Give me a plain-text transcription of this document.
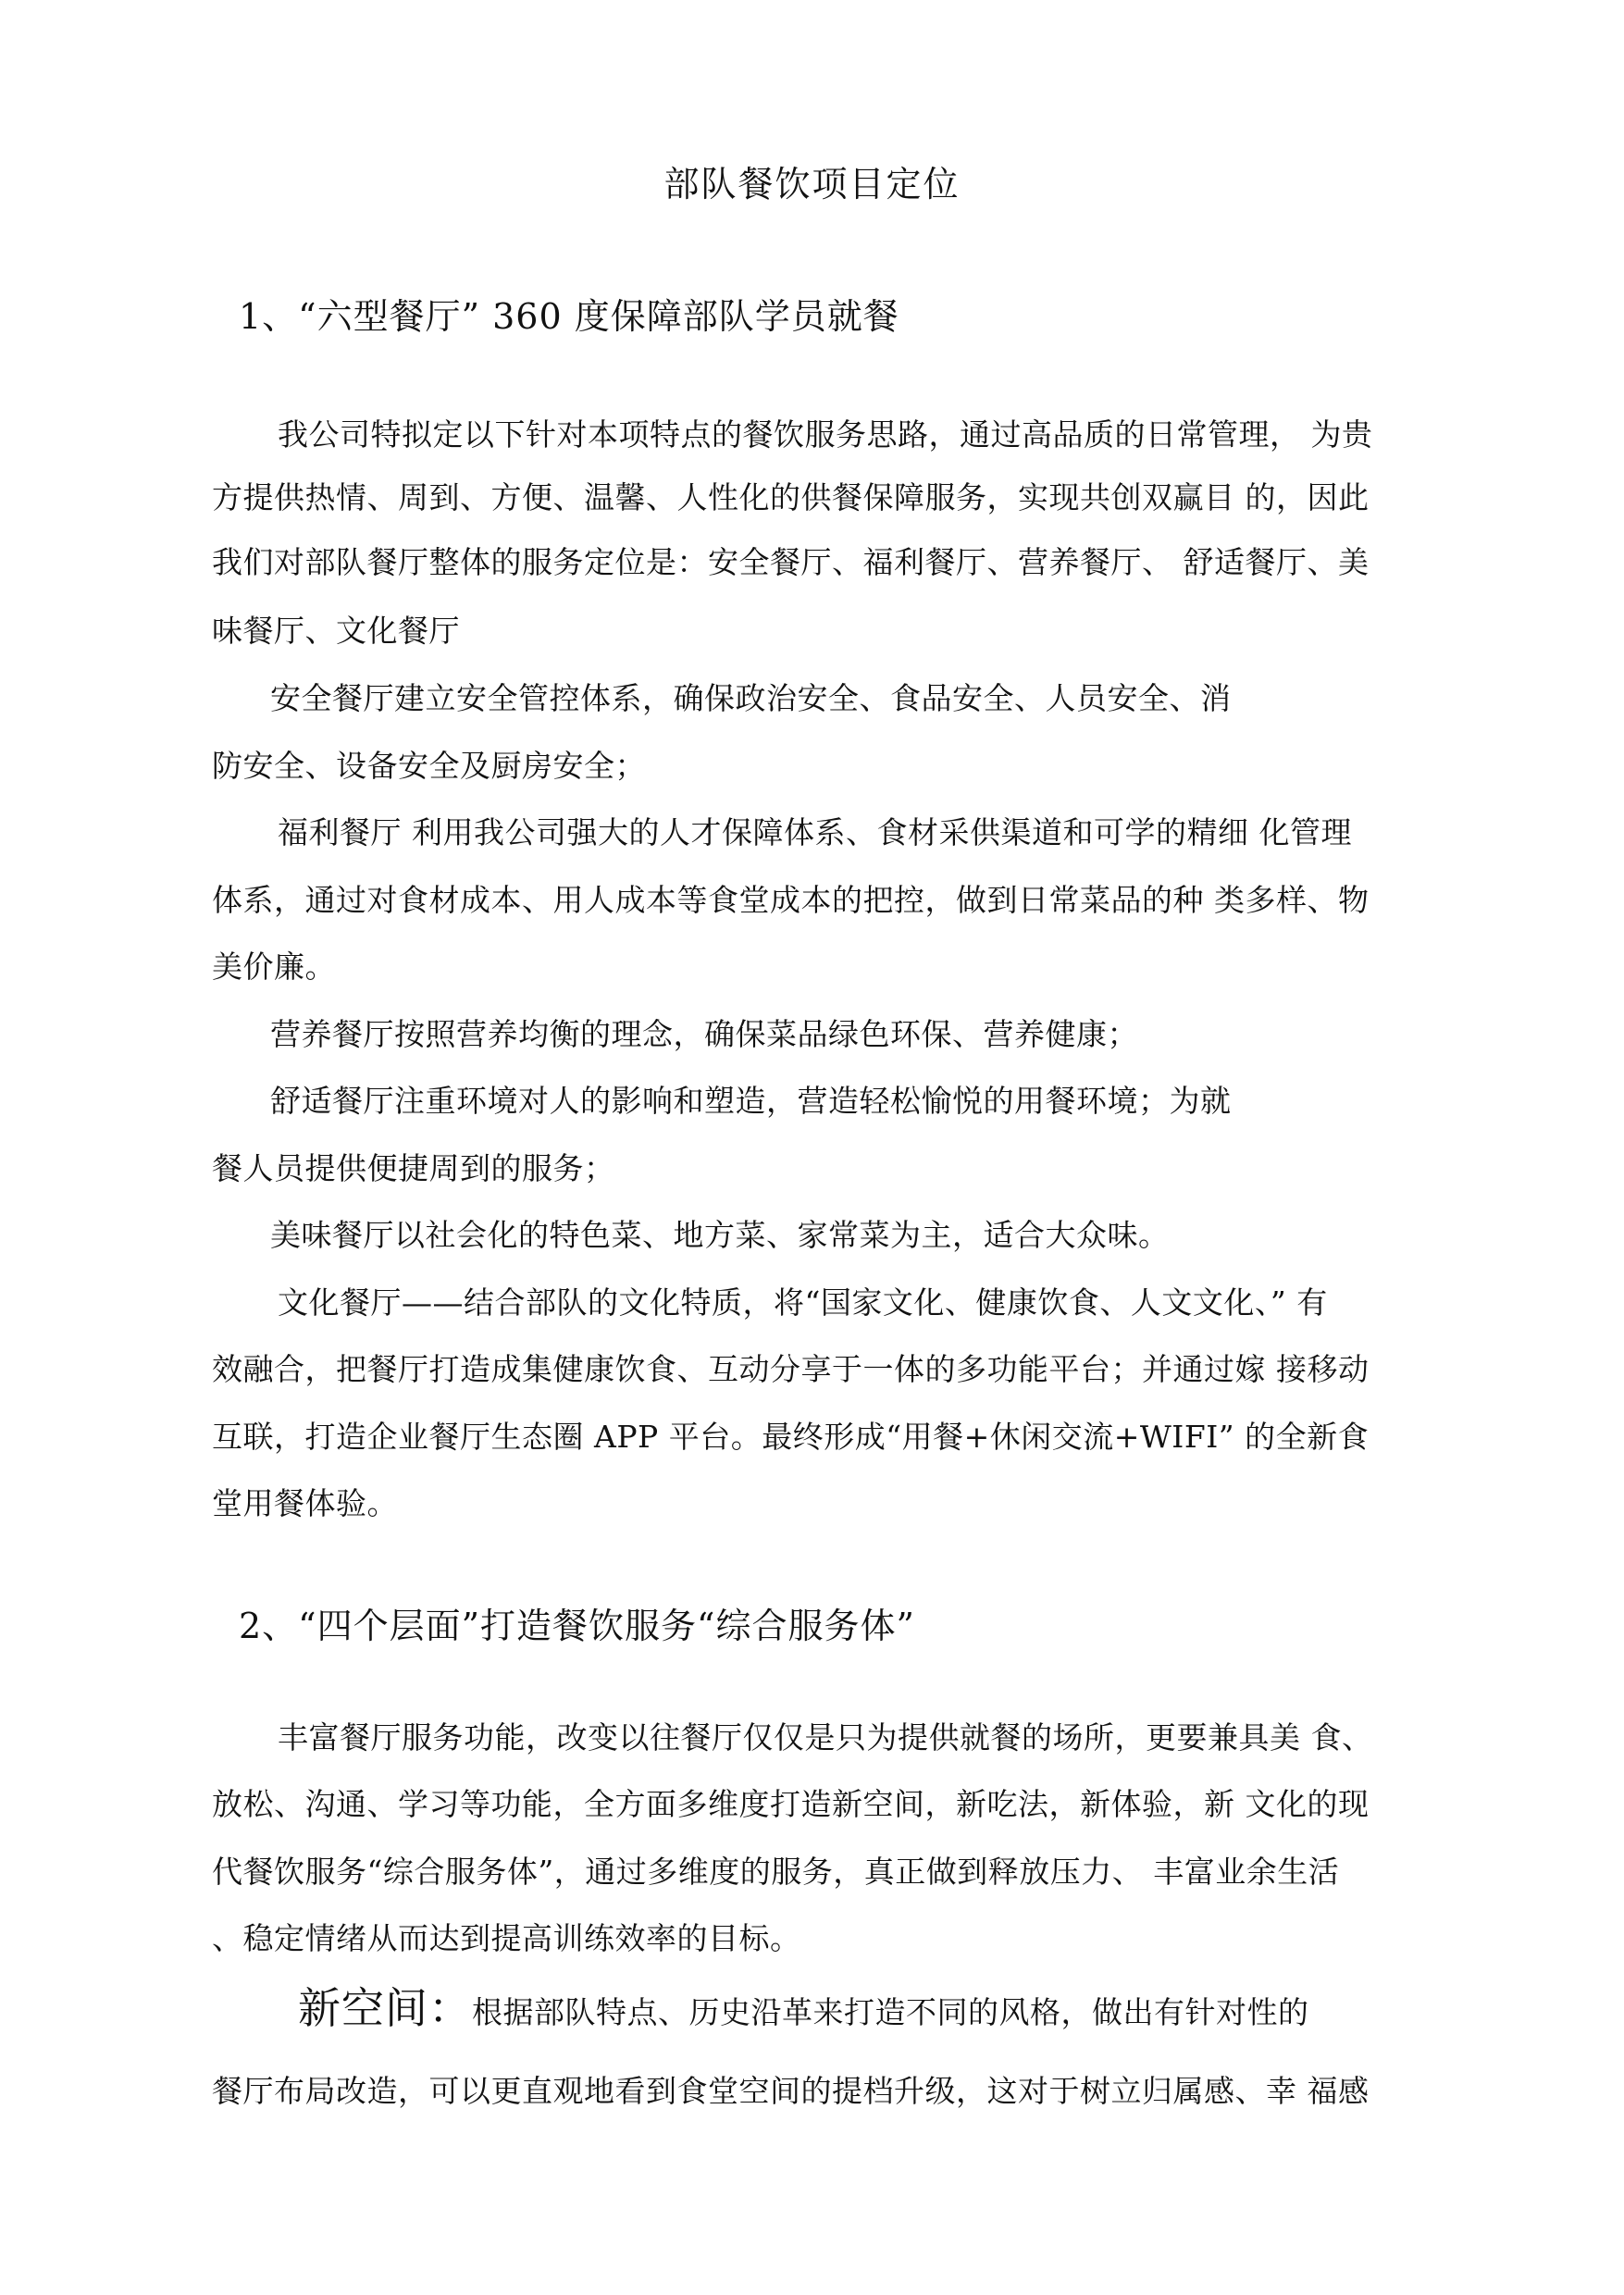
部队餐饮项目定位
1、“六型餐厅” 360 度保障部队学员就餐
我公司特拟定以下针对本项特点的餐饮服务思路，通过高品质的日常管理， 为贵
方提供热情、周到、方便、温馨、人性化的供餐保障服务，实现共创双赢目 的，因此
我们对部队餐厅整体的服务定位是：安全餐厅、福利餐厅、营养餐厅、 舒适餐厅、美
味餐厅、文化餐厅
安全餐厅建立安全管控体系，确保政治安全、食品安全、人员安全、消
防安全、设备安全及厨房安全；
福利餐厅 利用我公司强大的人才保障体系、食材采供渠道和可学的精细 化管理
体系，通过对食材成本、用人成本等食堂成本的把控，做到日常菜品的种 类多样、物
美价廉。
营养餐厅按照营养均衡的理念，确保菜品绿色环保、营养健康；
舒适餐厅注重环境对人的影响和塑造，营造轻松愉悦的用餐环境；为就
餐人员提供便捷周到的服务；
美味餐厅以社会化的特色菜、地方菜、家常菜为主，适合大众味。
文化餐厅——结合部队的文化特质，将“国家文化、健康饮食、人文文化、” 有
效融合，把餐厅打造成集健康饮食、互动分享于一体的多功能平台；并通过嫁 接移动
互联，打造企业餐厅生态圈 APP 平台。最终形成“用餐+休闲交流+WIFI” 的全新食
堂用餐体验。
2、“四个层面”打造餐饮服务“综合服务体”
丰富餐厅服务功能，改变以往餐厅仅仅是只为提供就餐的场所，更要兼具美 食、
放松、沟通、学习等功能，全方面多维度打造新空间，新吃法，新体验，新 文化的现
代餐饮服务“综合服务体”，通过多维度的服务，真正做到释放压力、 丰富业余生活
、稳定情绪从而达到提高训练效率的目标。
新空间：根据部队特点、历史沿革来打造不同的风格，做出有针对性的
餐厅布局改造，可以更直观地看到食堂空间的提档升级，这对于树立归属感、幸 福感
